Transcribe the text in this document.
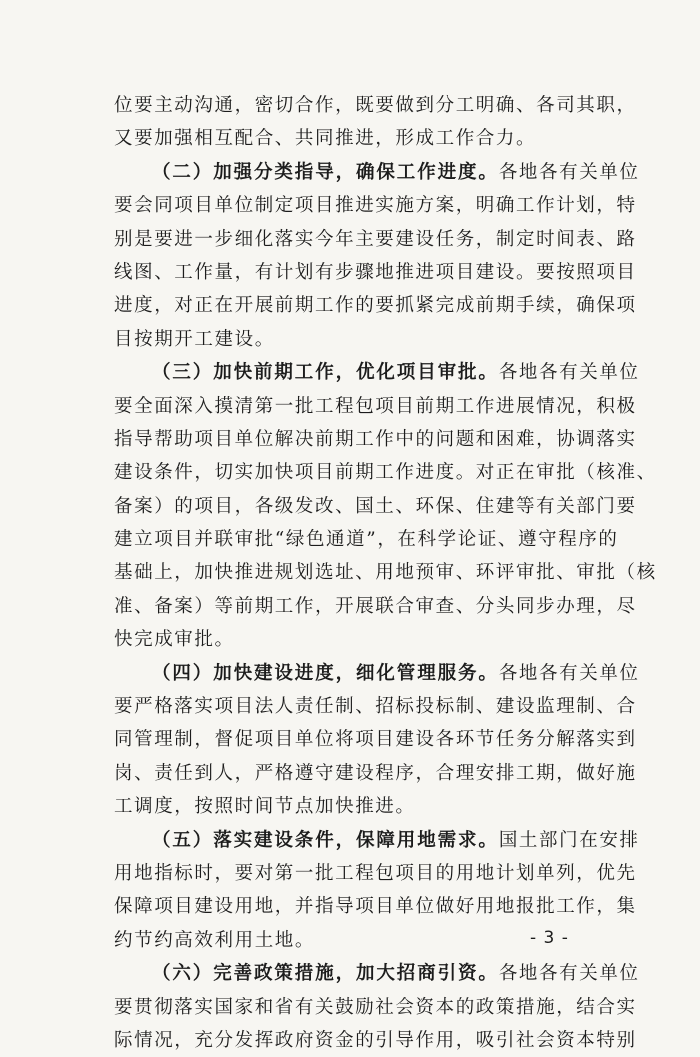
位要主动沟通，密切合作，既要做到分工明确、各司其职，
又要加强相互配合、共同推进，形成工作合力。
（二）加强分类指导，确保工作进度。各地各有关单位
要会同项目单位制定项目推进实施方案，明确工作计划，特
别是要进一步细化落实今年主要建设任务，制定时间表、路
线图、工作量，有计划有步骤地推进项目建设。要按照项目
进度，对正在开展前期工作的要抓紧完成前期手续，确保项
目按期开工建设。
（三）加快前期工作，优化项目审批。各地各有关单位
要全面深入摸清第一批工程包项目前期工作进展情况，积极
指导帮助项目单位解决前期工作中的问题和困难，协调落实
建设条件，切实加快项目前期工作进度。对正在审批（核准、
备案）的项目，各级发改、国土、环保、住建等有关部门要
建立项目并联审批“绿色通道”，在科学论证、遵守程序的
基础上，加快推进规划选址、用地预审、环评审批、审批（核
准、备案）等前期工作，开展联合审查、分头同步办理，尽
快完成审批。
（四）加快建设进度，细化管理服务。各地各有关单位
要严格落实项目法人责任制、招标投标制、建设监理制、合
同管理制，督促项目单位将项目建设各环节任务分解落实到
岗、责任到人，严格遵守建设程序，合理安排工期，做好施
工调度，按照时间节点加快推进。
（五）落实建设条件，保障用地需求。国土部门在安排
用地指标时，要对第一批工程包项目的用地计划单列，优先
保障项目建设用地，并指导项目单位做好用地报批工作，集
约节约高效利用土地。
（六）完善政策措施，加大招商引资。各地各有关单位
要贯彻落实国家和省有关鼓励社会资本的政策措施，结合实
际情况，充分发挥政府资金的引导作用，吸引社会资本特别
- 3 -
